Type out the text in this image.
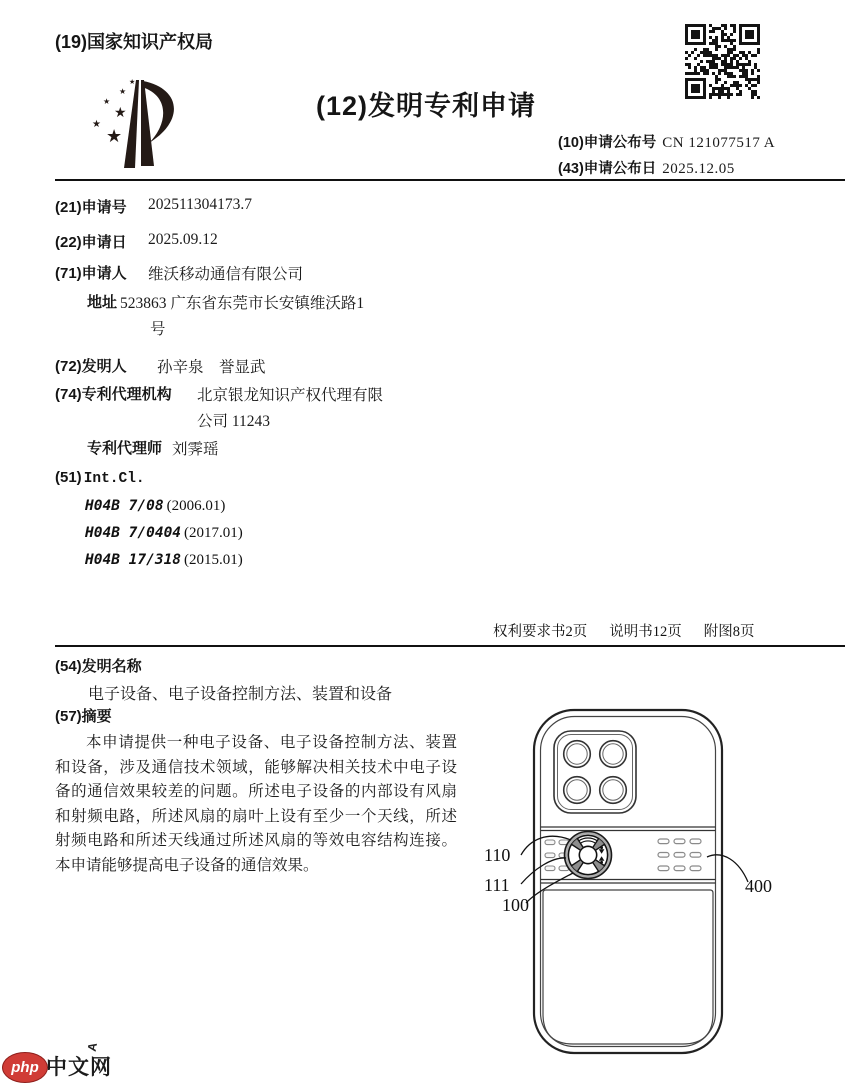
(19)国家知识产权局
★
★
★
★
★
★
(12)发明专利申请
(10)申请公布号 CN 121077517 A
(43)申请公布日 2025.12.05
(21)申请号 202511304173.7
(22)申请日 2025.09.12
(71)申请人 维沃移动通信有限公司
地址 523863 广东省东莞市长安镇维沃路1号
(72)发明人 孙辛泉　誉显武
(74)专利代理机构 北京银龙知识产权代理有限公司 11243
专利代理师 刘霁瑶
(51) Int.Cl.
H04B 7/08 (2006.01)
H04B 7/0404 (2017.01)
H04B 17/318 (2015.01)
权利要求书2页 说明书12页 附图8页
(54)发明名称
电子设备、电子设备控制方法、装置和设备
(57)摘要
本申请提供一种电子设备、电子设备控制方法、装置和设备，涉及通信技术领域，能够解决相关技术中电子设备的通信效果较差的问题。所述电子设备的内部设有风扇和射频电路，所述风扇的扇叶上设有至少一个天线，所述射频电路和所述天线通过所述风扇的等效电容结构连接。本申请能够提高电子设备的通信效果。
110
111
100
400
php 中文网
A
